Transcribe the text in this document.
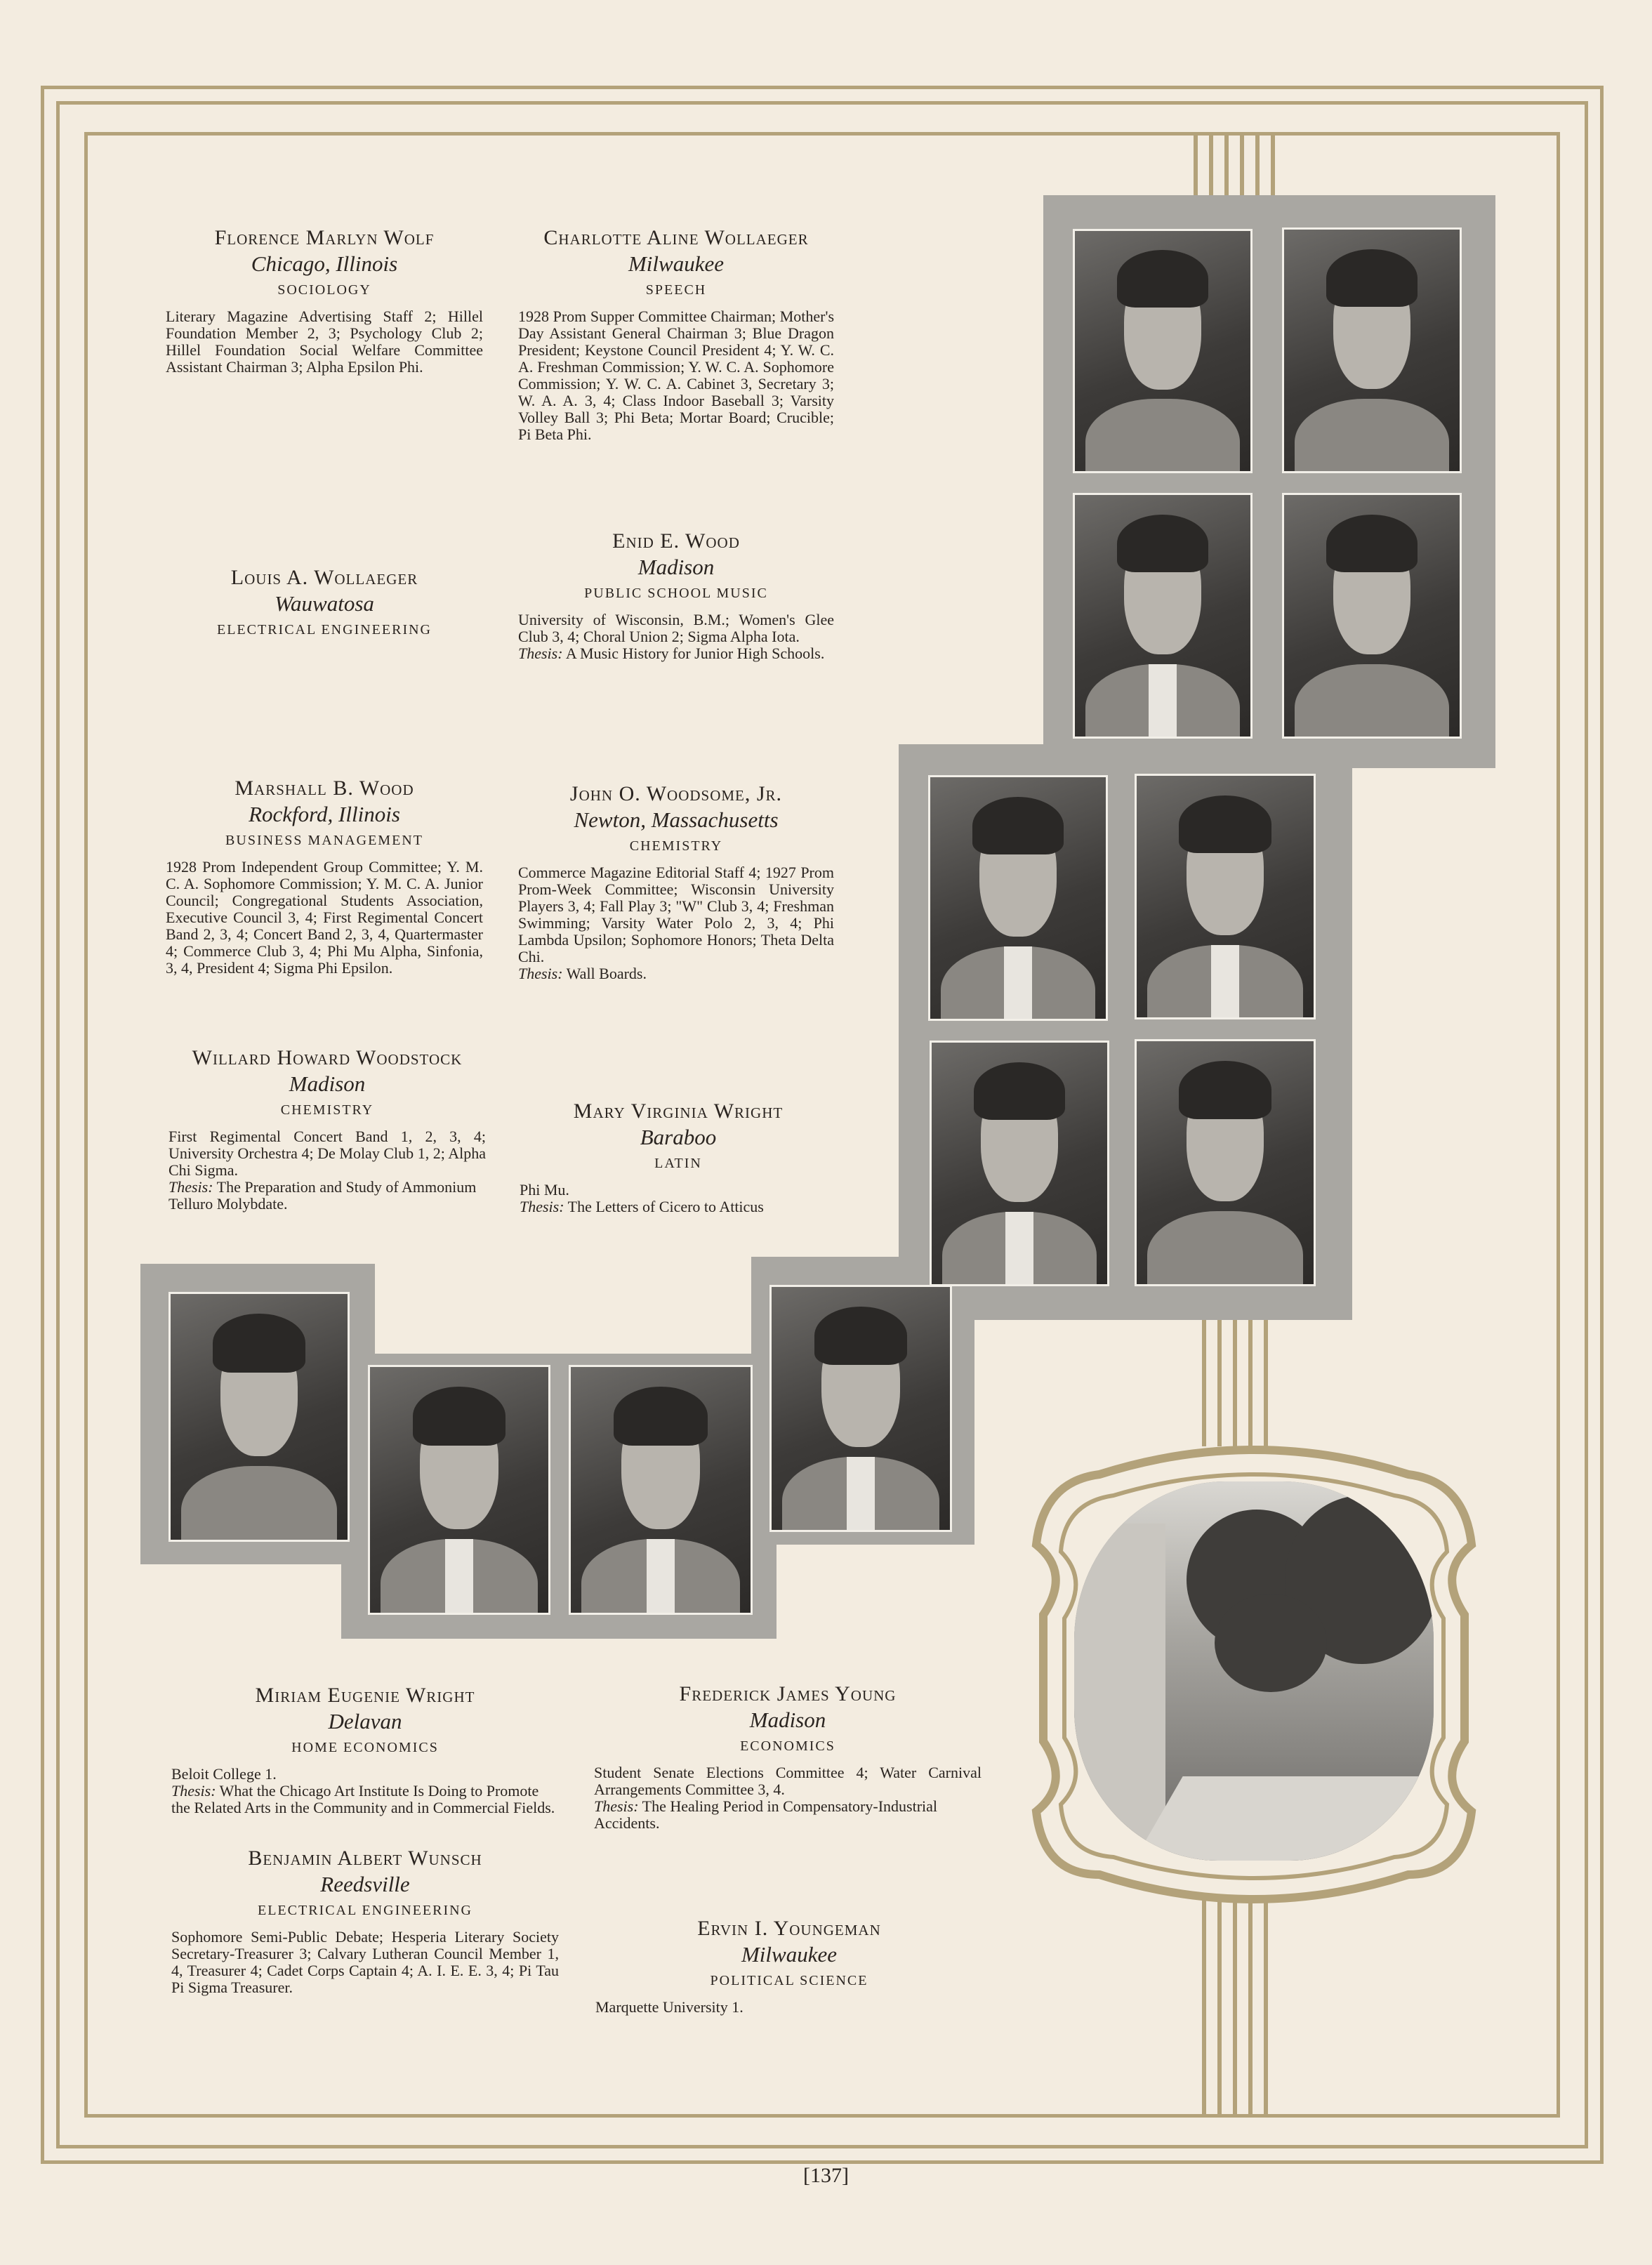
Florence Marlyn Wolf
Chicago, Illinois
SOCIOLOGY
Literary Magazine Advertising Staff 2; Hillel Foundation Member 2, 3; Psychology Club 2; Hillel Foundation Social Welfare Committee Assistant Chairman 3; Alpha Epsilon Phi.
Charlotte Aline Wollaeger
Milwaukee
SPEECH
1928 Prom Supper Committee Chairman; Mother's Day Assistant General Chairman 3; Blue Dragon President; Keystone Council President 4; Y. W. C. A. Freshman Commission; Y. W. C. A. Sophomore Commission; Y. W. C. A. Cabinet 3, Secretary 3; W. A. A. 3, 4; Class Indoor Baseball 3; Varsity Volley Ball 3; Phi Beta; Mortar Board; Crucible; Pi Beta Phi.
Louis A. Wollaeger
Wauwatosa
ELECTRICAL ENGINEERING
Enid E. Wood
Madison
PUBLIC SCHOOL MUSIC
University of Wisconsin, B.M.; Women's Glee Club 3, 4; Choral Union 2; Sigma Alpha Iota.
Thesis: A Music History for Junior High Schools.
Marshall B. Wood
Rockford, Illinois
BUSINESS MANAGEMENT
1928 Prom Independent Group Committee; Y. M. C. A. Sophomore Commission; Y. M. C. A. Junior Council; Congregational Students Association, Executive Council 3, 4; First Regimental Concert Band 2, 3, 4; Concert Band 2, 3, 4, Quartermaster 4; Commerce Club 3, 4; Phi Mu Alpha, Sinfonia, 3, 4, President 4; Sigma Phi Epsilon.
John O. Woodsome, Jr.
Newton, Massachusetts
CHEMISTRY
Commerce Magazine Editorial Staff 4; 1927 Prom Prom-Week Committee; Wisconsin University Players 3, 4; Fall Play 3; "W" Club 3, 4; Freshman Swimming; Varsity Water Polo 2, 3, 4; Phi Lambda Upsilon; Sophomore Honors; Theta Delta Chi.
Thesis: Wall Boards.
Willard Howard Woodstock
Madison
CHEMISTRY
First Regimental Concert Band 1, 2, 3, 4; University Orchestra 4; De Molay Club 1, 2; Alpha Chi Sigma.
Thesis: The Preparation and Study of Ammonium Telluro Molybdate.
Mary Virginia Wright
Baraboo
LATIN
Phi Mu.
Thesis: The Letters of Cicero to Atticus
Miriam Eugenie Wright
Delavan
HOME ECONOMICS
Beloit College 1.
Thesis: What the Chicago Art Institute Is Doing to Promote the Related Arts in the Community and in Commercial Fields.
Frederick James Young
Madison
ECONOMICS
Student Senate Elections Committee 4; Water Carnival Arrangements Committee 3, 4.
Thesis: The Healing Period in Compensatory-Industrial Accidents.
Benjamin Albert Wunsch
Reedsville
ELECTRICAL ENGINEERING
Sophomore Semi-Public Debate; Hesperia Literary Society Secretary-Treasurer 3; Calvary Lutheran Council Member 1, 4, Treasurer 4; Cadet Corps Captain 4; A. I. E. E. 3, 4; Pi Tau Pi Sigma Treasurer.
Ervin I. Youngeman
Milwaukee
POLITICAL SCIENCE
Marquette University 1.
[137]
